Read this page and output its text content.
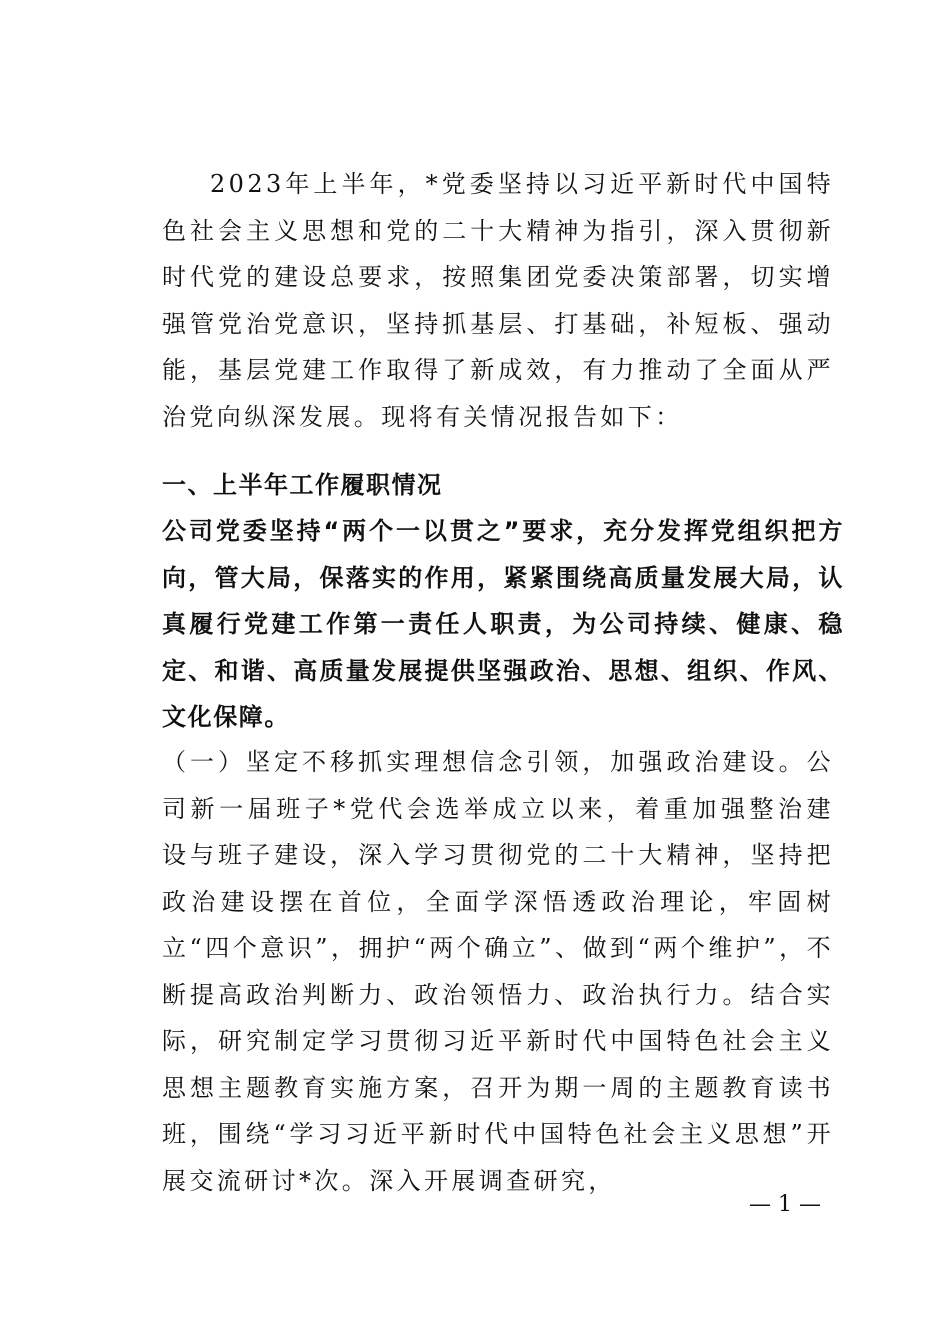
2023年上半年，*党委坚持以习近平新时代中国特色社会主义思想和党的二十大精神为指引，深入贯彻新时代党的建设总要求，按照集团党委决策部署，切实增强管党治党意识，坚持抓基层、打基础，补短板、强动能，基层党建工作取得了新成效，有力推动了全面从严治党向纵深发展。现将有关情况报告如下：

一、上半年工作履职情况

公司党委坚持“两个一以贯之”要求，充分发挥党组织把方向，管大局，保落实的作用，紧紧围绕高质量发展大局，认真履行党建工作第一责任人职责，为公司持续、健康、稳定、和谐、高质量发展提供坚强政治、思想、组织、作风、文化保障。

（一）坚定不移抓实理想信念引领，加强政治建设。公司新一届班子*党代会选举成立以来，着重加强整治建设与班子建设，深入学习贯彻党的二十大精神，坚持把政治建设摆在首位，全面学深悟透政治理论，牢固树立“四个意识”，拥护“两个确立”、做到“两个维护”，不断提高政治判断力、政治领悟力、政治执行力。结合实际，研究制定学习贯彻习近平新时代中国特色社会主义思想主题教育实施方案，召开为期一周的主题教育读书班，围绕“学习习近平新时代中国特色社会主义思想”开展交流研讨*次。深入开展调查研究，

— 1 —
